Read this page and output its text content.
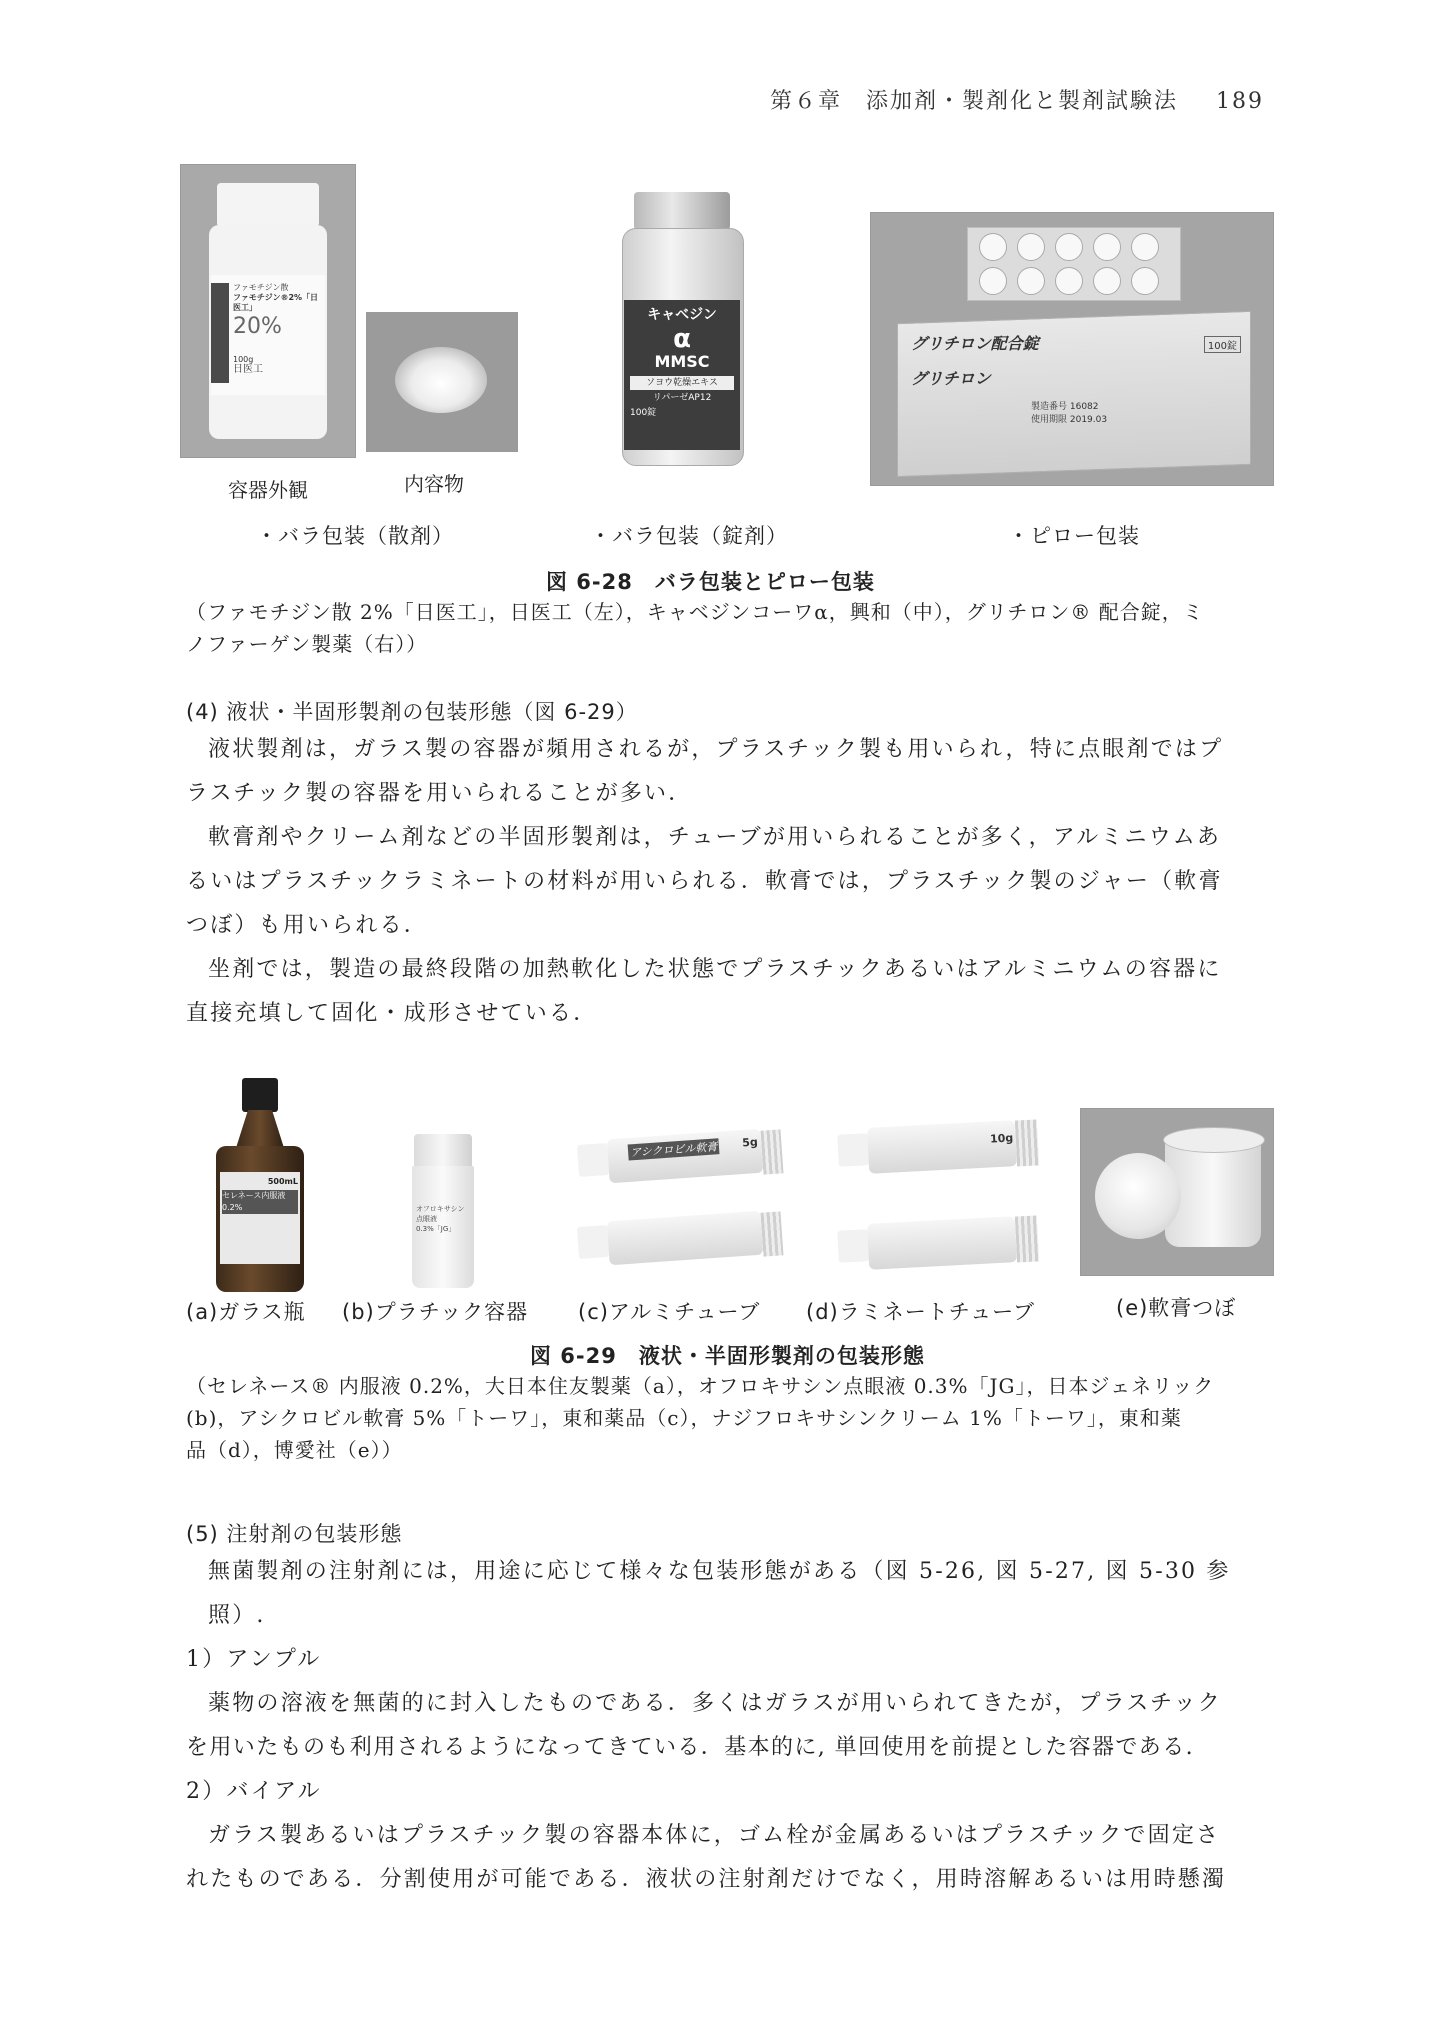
第６章　添加剤・製剤化と製剤試験法 189
ファモチジン散
ファモチジン®2%「日医工」
20%
100g
日医工
キャベジン
α
MMSC
ソヨウ乾燥エキス
リパーゼAP12
100錠
グリチロン配合錠	100錠
グリチロン
製造番号 16082
使用期限 2019.03
容器外観	内容物
・バラ包装（散剤）	・バラ包装（錠剤）	・ピロー包装
図 6-28　バラ包装とピロー包装
（ファモチジン散 2%「日医工」，日医工（左），キャベジンコーワα，興和（中），グリチロン® 配合錠，ミ
ノファーゲン製薬（右））
(4) 液状・半固形製剤の包装形態（図 6-29）
液状製剤は，ガラス製の容器が頻用されるが，プラスチック製も用いられ，特に点眼剤ではプ
ラスチック製の容器を用いられることが多い．
軟膏剤やクリーム剤などの半固形製剤は，チューブが用いられることが多く，アルミニウムあ
るいはプラスチックラミネートの材料が用いられる．軟膏では，プラスチック製のジャー（軟膏
つぼ）も用いられる．
坐剤では，製造の最終段階の加熱軟化した状態でプラスチックあるいはアルミニウムの容器に
直接充填して固化・成形させている．
500mL
セレネース内服液0.2%	オフロキサシン点眼液
0.3%「JG」
アシクロビル軟膏 5g	10g
(a)ガラス瓶 (b)プラチック容器 (c)アルミチューブ (d)ラミネートチューブ	(e)軟膏つぼ
図 6-29　液状・半固形製剤の包装形態
（セレネース® 内服液 0.2%，大日本住友製薬（a），オフロキサシン点眼液 0.3%「JG」，日本ジェネリック
(b)，アシクロビル軟膏 5%「トーワ」，東和薬品（c），ナジフロキサシンクリーム 1%「トーワ」，東和薬
品（d），博愛社（e））
(5) 注射剤の包装形態
無菌製剤の注射剤には，用途に応じて様々な包装形態がある（図 5-26, 図 5-27, 図 5-30 参照）.
1）アンプル
薬物の溶液を無菌的に封入したものである．多くはガラスが用いられてきたが，プラスチック
を用いたものも利用されるようになってきている．基本的に, 単回使用を前提とした容器である.
2）バイアル
ガラス製あるいはプラスチック製の容器本体に，ゴム栓が金属あるいはプラスチックで固定さ
れたものである．分割使用が可能である．液状の注射剤だけでなく，用時溶解あるいは用時懸濁
